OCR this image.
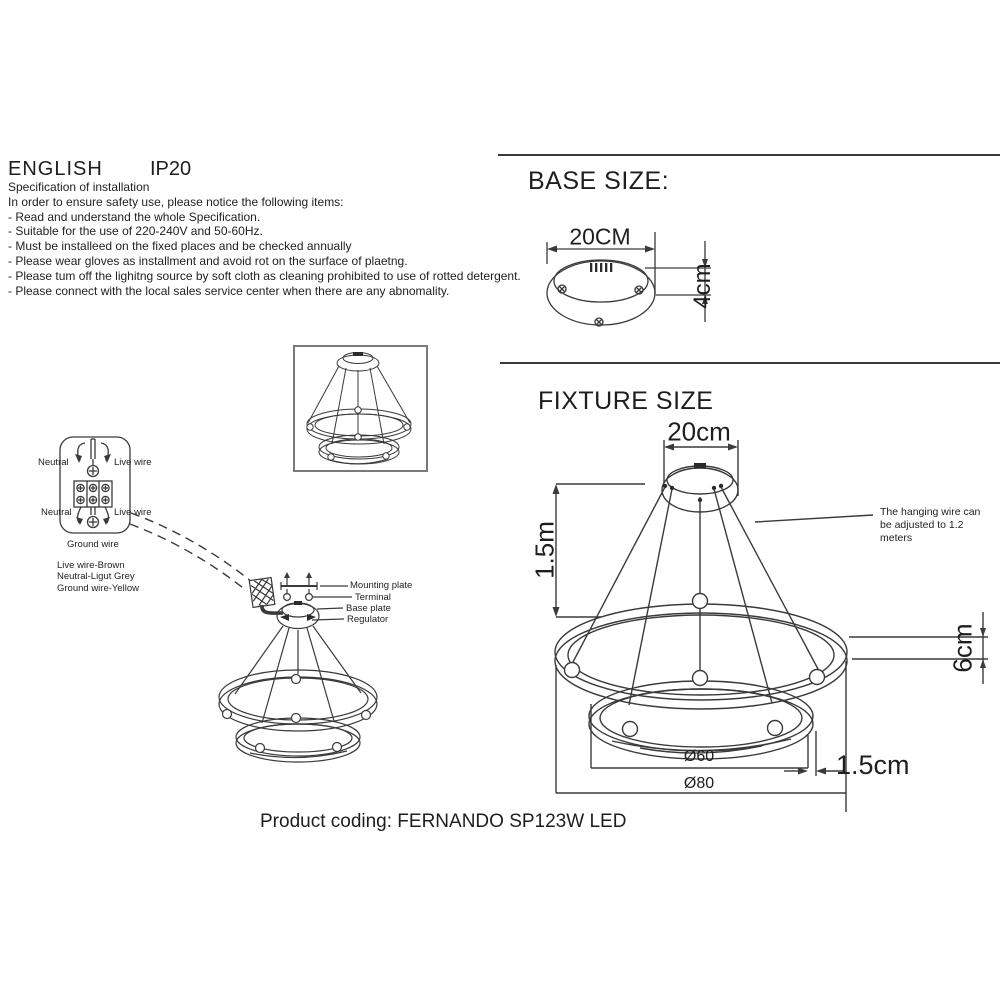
ENGLISH IP20
Specification of installation
In order to ensure safety use, please notice the following items:
- Read and understand the whole Specification.
- Suitable for the use of 220-240V and 50-60Hz.
- Must be installeed on the fixed places and be checked annually
- Please wear gloves as installment and avoid rot on the surface of plaetng.
- Please tum off the lighitng source by soft cloth as cleaning prohibited to use of rotted detergent.
- Please connect with the local sales service center when there are any abnomality.
BASE SIZE:
20CM
4cm
FIXTURE SIZE
20cm
1.5m
6cm
Ø60
Ø80
1.5cm
The hanging wire can
be adjusted to 1.2
meters
Neutral	Live wire
Neutral	Live wire
Ground wire
Live wire-Brown
Neutral-Ligut Grey
Ground wire-Yellow	Mounting plate
Terminal
Base plate
Regulator
Product coding: FERNANDO SP123W LED
